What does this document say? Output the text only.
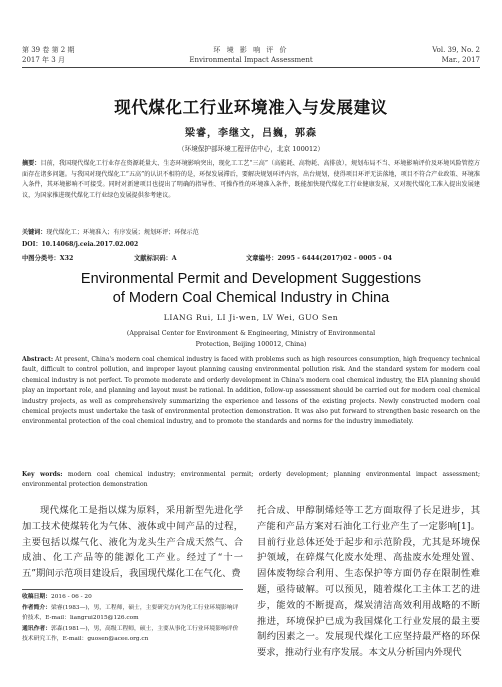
第 39 卷 第 2 期
2017 年 3 月
环 境 影 响 评 价
Environmental Impact Assessment
Vol. 39, No. 2
Mar., 2017
现代煤化工行业环境准入与发展建议
梁睿，李继文，吕巍，郭森
（环境保护部环境工程评估中心，北京 100012）
摘要：目前，我国现代煤化工行业存在资源耗量大、生态环境影响突出，现化工工艺“三高”（高能耗、高物耗、高排放），规划布局不当、环境影响评价及环境风险管控方面存在诸多问题。与我国对现代煤化工“五高”的认识不相符的是，环保发展滞后，要解决规划环评内容，出台规划，使得项目环评无法落地，项目不符合产业政策、环境准入条件，其环境影响不可接受。同时对新建项目也提出了明确的指导性、可操作性的环境准入条件，既能加快现代煤化工行业健康发展，又对现代煤化工准入提出发展建议，为国家推进现代煤化工行业绿色发展提供参考建议。
关键词：现代煤化工；环境准入；有序发展；规划环评；环保示范
DOI：10.14068/j.ceia.2017.02.002
中图分类号：X32	文献标识码：A	文章编号：2095 - 6444(2017)02 - 0005 - 04
Environmental Permit and Development Suggestions
of Modern Coal Chemical Industry in China
LIANG Rui, LI Ji-wen, LV Wei, GUO Sen
(Appraisal Center for Environment & Engineering, Ministry of Environmental
Protection, Beijing 100012, China)
Abstract: At present, China's modern coal chemical industry is faced with problems such as high resources consumption, high frequency technical fault, difficult to control pollution, and improper layout planning causing environmental pollution risk. And the standard system for modern coal chemical industry is not perfect. To promote moderate and orderly development in China's modern coal chemical industry, the EIA planning should play an important role, and planning and layout must be rational. In addition, follow-up assessment should be carried out for modern coal chemical industry projects, as well as comprehensively summarizing the experience and lessons of the existing projects. Newly constructed modern coal chemical projects must undertake the task of environmental protection demonstration. It was also put forward to strengthen basic research on the environmental protection of the coal chemical industry, and to promote the standards and norms for the industry immediately.
Key words: modern coal chemical industry; environmental permit; orderly development; planning environmental impact assessment; environmental protection demonstration
现代煤化工是指以煤为原料，采用新型先进化学加工技术使煤转化为气体、液体或中间产品的过程，主要包括以煤气化、液化为龙头生产合成天然气、合成油、化工产品等的能源化工产业。经过了“十一五”期间示范项目建设后，我国现代煤化工在气化、费
托合成、甲醇制烯烃等工艺方面取得了长足进步，其产能和产品方案对石油化工行业产生了一定影响[1]。目前行业总体还处于起步和示范阶段，尤其是环境保护领域，在碎煤气化废水处理、高盐废水处理处置、固体废物综合利用、生态保护等方面仍存在限制性难题，亟待破解。可以预见，随着煤化工主体工艺的进步，能效的不断提高，煤炭清洁高效利用战略的不断推进，环境保护已成为我国煤化工行业发展的最主要制约因素之一。发展现代煤化工应坚持最严格的环保要求，推动行业有序发展。本文从分析国内外现代
收稿日期：2016 - 06 - 20
作者简介：梁睿(1983—)，男，工程师，硕士，主要研究方向为化工行业环境影响评价技术，E-mail：liangrui2015@126.com
通讯作者：郭森(1981—)，男，高级工程师，硕士，主要从事化工行业环境影响评价技术研究工作，E-mail：guosen@acee.org.cn
